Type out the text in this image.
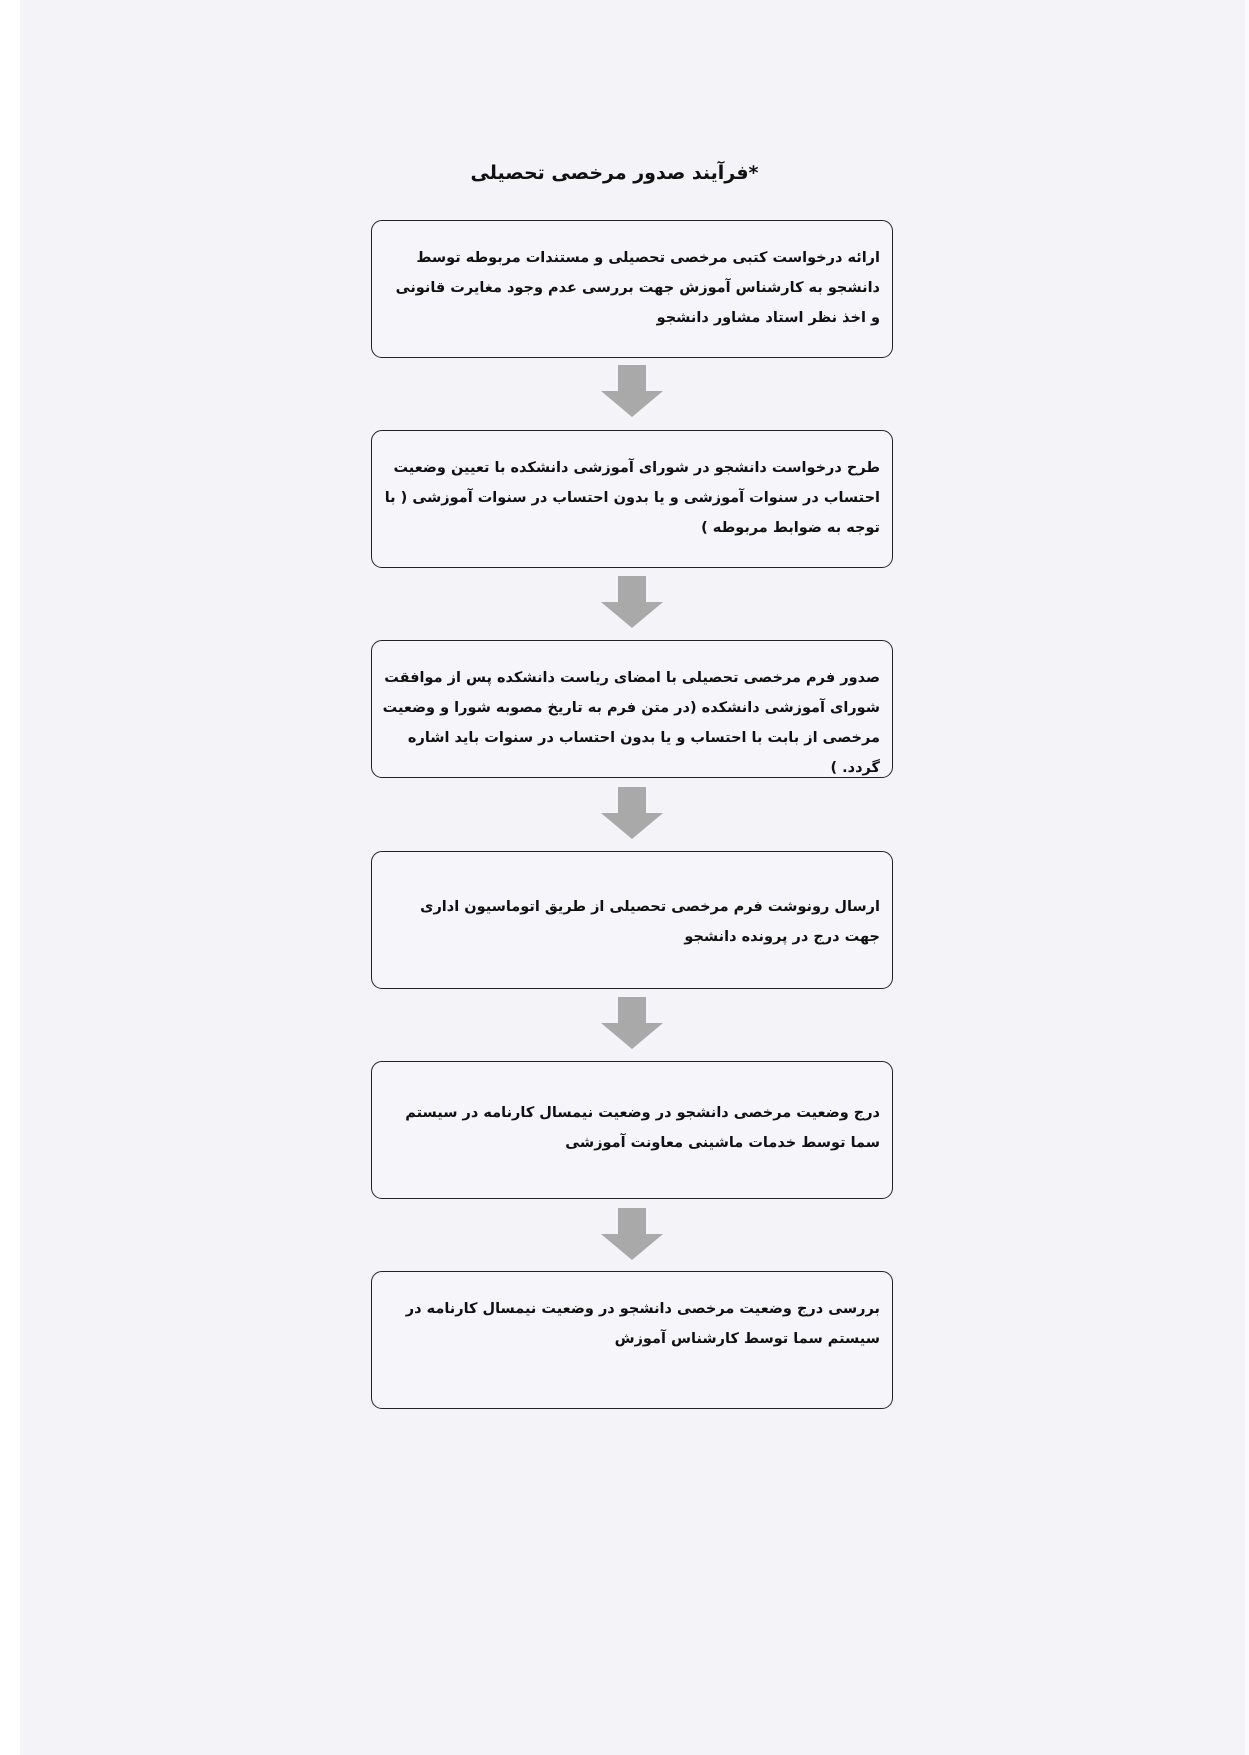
*فرآیند صدور مرخصی تحصیلی
ارائه درخواست کتبی مرخصی تحصیلی و مستندات مربوطه توسط دانشجو به کارشناس آموزش جهت بررسی عدم وجود مغایرت قانونی و اخذ نظر استاد مشاور دانشجو
طرح درخواست دانشجو در شورای آموزشی دانشکده با تعیین وضعیت احتساب در سنوات آموزشی و یا بدون احتساب در سنوات آموزشی ( با توجه به ضوابط مربوطه )
صدور فرم مرخصی تحصیلی با امضای ریاست دانشکده پس از موافقت شورای آموزشی دانشکده (در متن فرم به تاریخ مصوبه شورا و وضعیت مرخصی از بابت با احتساب و یا بدون احتساب در سنوات باید اشاره گردد. )
ارسال رونوشت فرم مرخصی تحصیلی از طریق اتوماسیون اداری جهت درج در پرونده دانشجو
درج وضعیت مرخصی دانشجو در وضعیت نیمسال کارنامه در سیستم سما توسط خدمات ماشینی معاونت آموزشی
بررسی درج وضعیت مرخصی دانشجو در وضعیت نیمسال کارنامه در سیستم سما توسط کارشناس آموزش
